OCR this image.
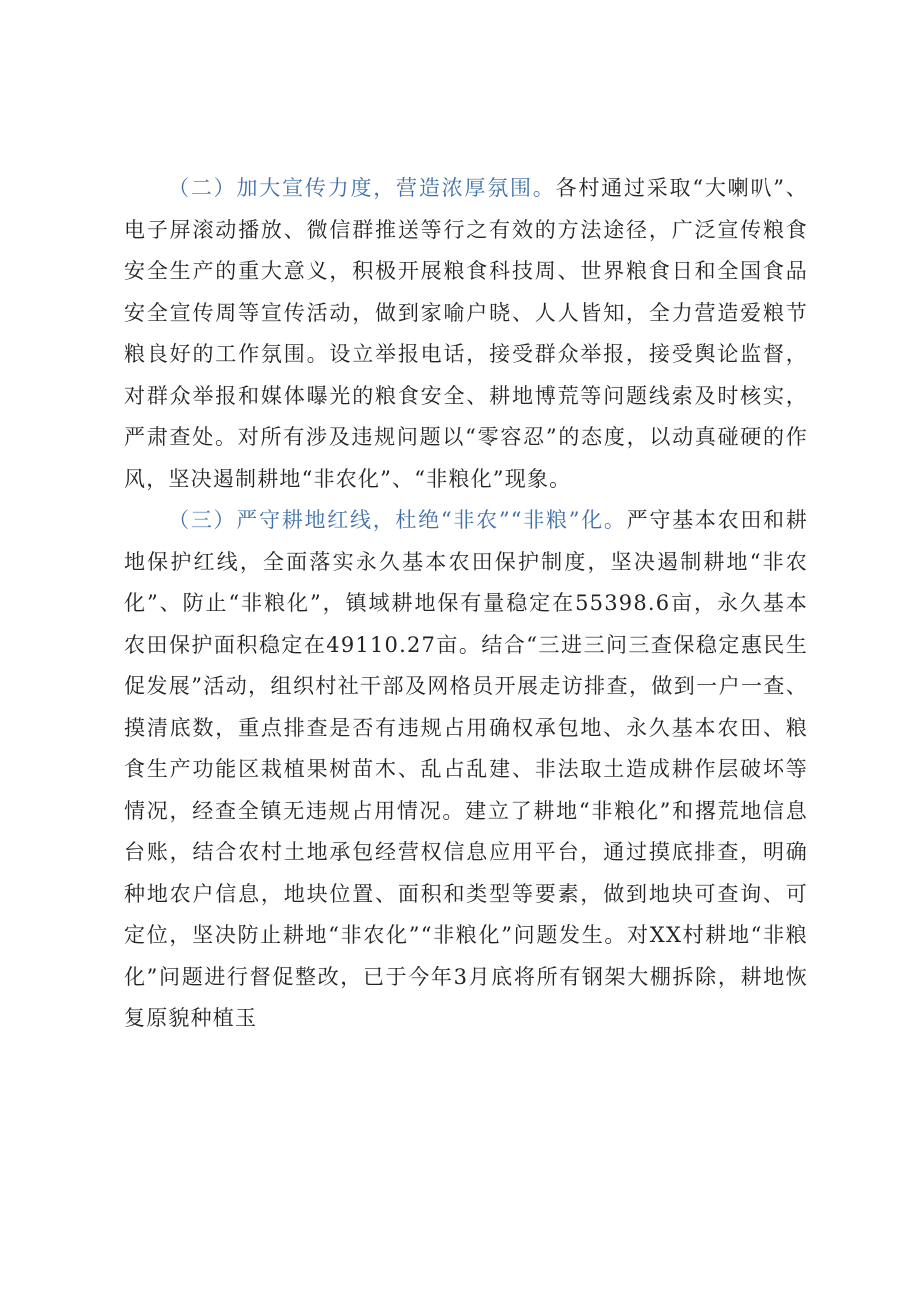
（二）加大宣传力度，营造浓厚氛围。各村通过采取“大喇叭”、电子屏滚动播放、微信群推送等行之有效的方法途径，广泛宣传粮食安全生产的重大意义，积极开展粮食科技周、世界粮食日和全国食品安全宣传周等宣传活动，做到家喻户晓、人人皆知，全力营造爱粮节粮良好的工作氛围。设立举报电话，接受群众举报，接受舆论监督，对群众举报和媒体曝光的粮食安全、耕地博荒等问题线索及时核实，严肃查处。对所有涉及违规问题以“零容忍”的态度，以动真碰硬的作风，坚决遏制耕地“非农化”、“非粮化”现象。

（三）严守耕地红线，杜绝“非农”“非粮”化。严守基本农田和耕地保护红线，全面落实永久基本农田保护制度，坚决遏制耕地“非农化”、防止“非粮化”，镇域耕地保有量稳定在55398.6亩，永久基本农田保护面积稳定在49110.27亩。结合“三进三问三查保稳定惠民生促发展”活动，组织村社干部及网格员开展走访排查，做到一户一查、摸清底数，重点排查是否有违规占用确权承包地、永久基本农田、粮食生产功能区栽植果树苗木、乱占乱建、非法取土造成耕作层破坏等情况，经查全镇无违规占用情况。建立了耕地“非粮化”和撂荒地信息台账，结合农村土地承包经营权信息应用平台，通过摸底排查，明确种地农户信息，地块位置、面积和类型等要素，做到地块可查询、可定位，坚决防止耕地“非农化”“非粮化”问题发生。对XX村耕地“非粮化”问题进行督促整改，已于今年3月底将所有钢架大棚拆除，耕地恢复原貌种植玉
